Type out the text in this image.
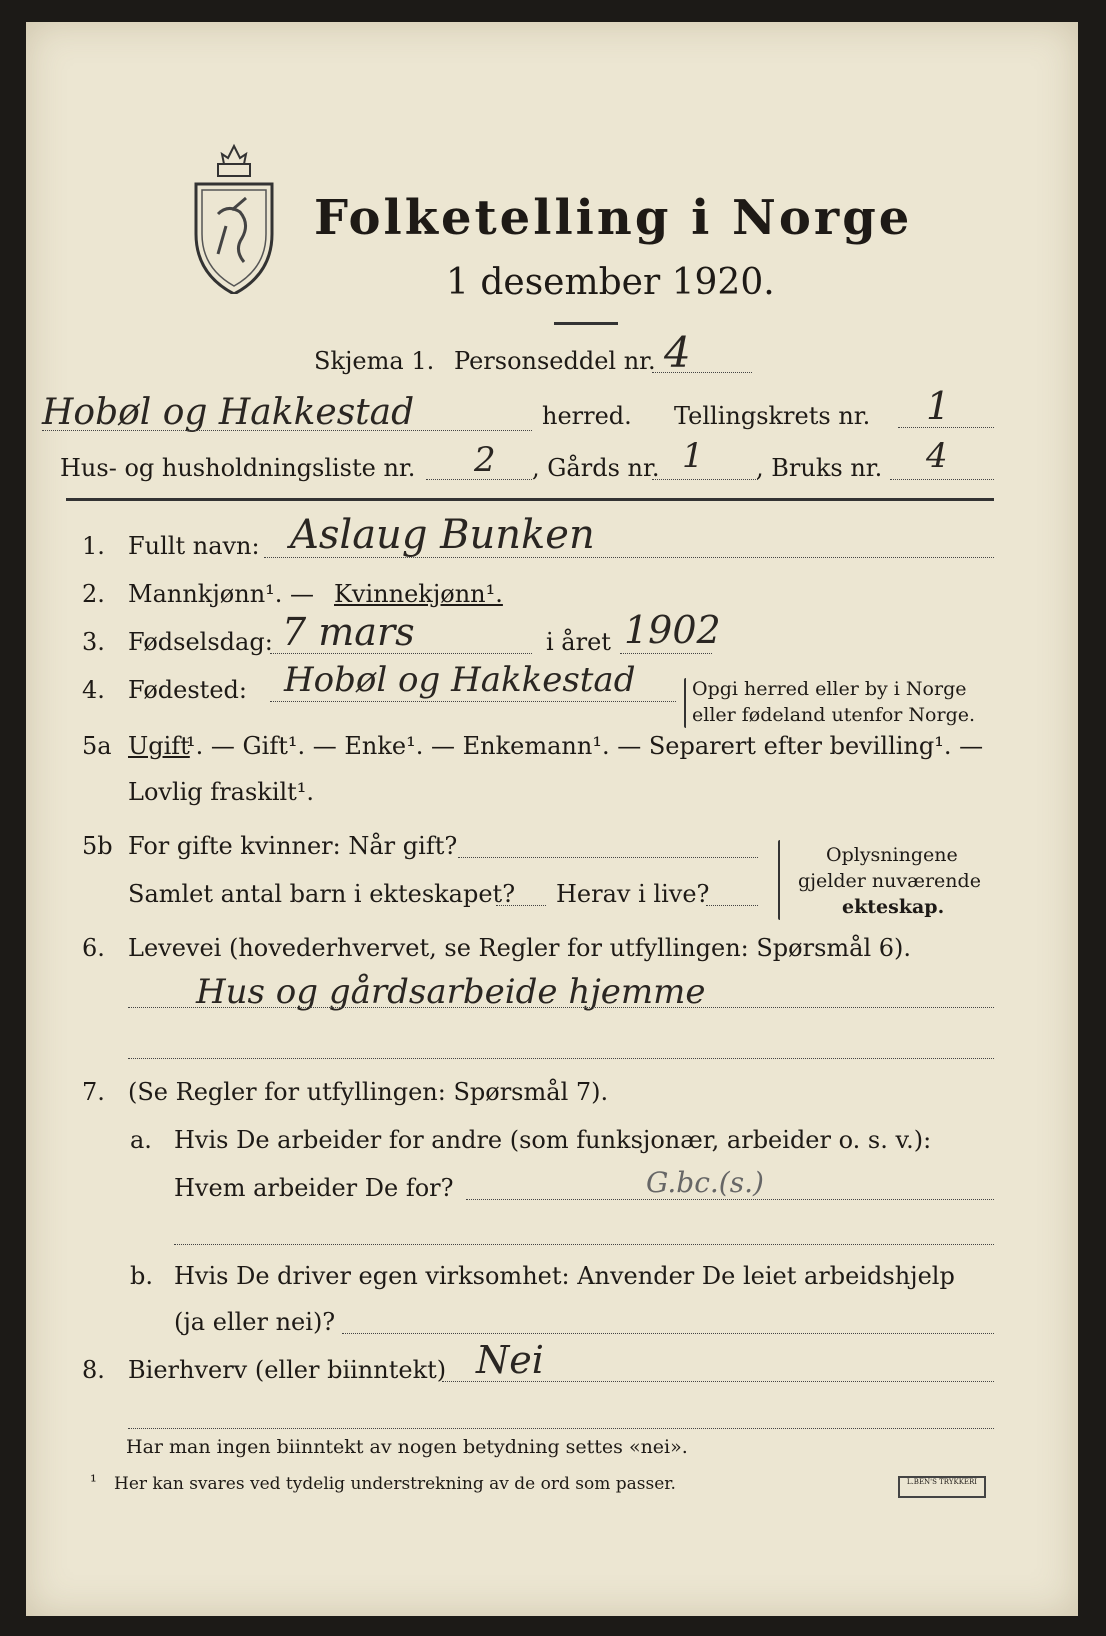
Folketelling i Norge
1 desember 1920.
Skjema 1. Personseddel nr. 4
Hobøl og Hakkestad	herred. Tellingskrets nr. 1
Hus- og husholdningsliste nr. 2 , Gårds nr. 1 , Bruks nr. 4
1. Fullt navn: Aslaug Bunken
2. Mannkjønn¹. — Kvinnekjønn¹.
3. Fødselsdag: 7 mars	i året 1902
4. Fødested: Hobøl og Hakkestad	Opgi herred eller by i Norge
eller fødeland utenfor Norge.
5a Ugift
¹. — Gift¹. — Enke¹. — Enkemann¹. — Separert efter bevilling¹. —
Lovlig fraskilt¹.
5b For gifte kvinner: Når gift?
Samlet antal barn i ekteskapet? Herav i live?
Oplysningene
gjelder nuværende
ekteskap.
6. Levevei (hovederhvervet, se Regler for utfyllingen: Spørsmål 6).
Hus og gårdsarbeide hjemme
7. (Se Regler for utfyllingen: Spørsmål 7).
a. Hvis De arbeider for andre (som funksjonær, arbeider o. s. v.):
Hvem arbeider De for?	G.bc.(s.)
b. Hvis De driver egen virksomhet: Anvender De leiet arbeidshjelp
(ja eller nei)?
8. Bierhverv (eller biinntekt) Nei
Har man ingen biinntekt av nogen betydning settes «nei».
¹ Her kan svares ved tydelig understrekning av de ord som passer.	L.BEN'S TRYKKERI
